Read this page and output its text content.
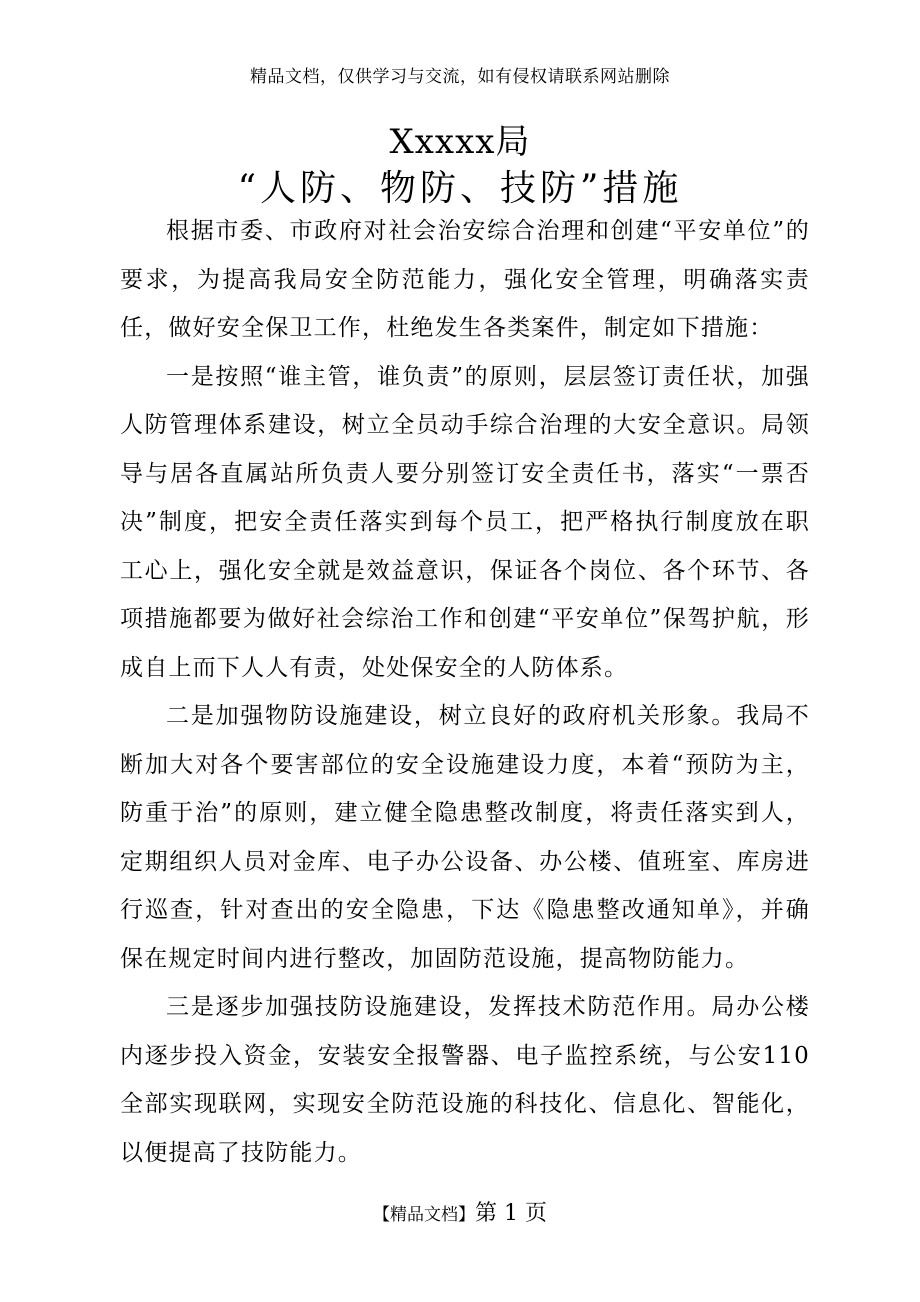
精品文档，仅供学习与交流，如有侵权请联系网站删除
Xxxxx局
“人防、物防、技防”措施

根据市委、市政府对社会治安综合治理和创建“平安单位”的要求，为提高我局安全防范能力，强化安全管理，明确落实责任，做好安全保卫工作，杜绝发生各类案件，制定如下措施：

一是按照“谁主管，谁负责”的原则，层层签订责任状，加强人防管理体系建设，树立全员动手综合治理的大安全意识。局领导与居各直属站所负责人要分别签订安全责任书，落实“一票否决”制度，把安全责任落实到每个员工，把严格执行制度放在职工心上，强化安全就是效益意识，保证各个岗位、各个环节、各项措施都要为做好社会综治工作和创建“平安单位”保驾护航，形成自上而下人人有责，处处保安全的人防体系。

二是加强物防设施建设，树立良好的政府机关形象。我局不断加大对各个要害部位的安全设施建设力度，本着“预防为主，防重于治”的原则，建立健全隐患整改制度，将责任落实到人，定期组织人员对金库、电子办公设备、办公楼、值班室、库房进行巡查，针对查出的安全隐患，下达《隐患整改通知单》，并确保在规定时间内进行整改，加固防范设施，提高物防能力。

三是逐步加强技防设施建设，发挥技术防范作用。局办公楼内逐步投入资金，安装安全报警器、电子监控系统，与公安110全部实现联网，实现安全防范设施的科技化、信息化、智能化，以便提高了技防能力。

【精品文档】第 1 页
